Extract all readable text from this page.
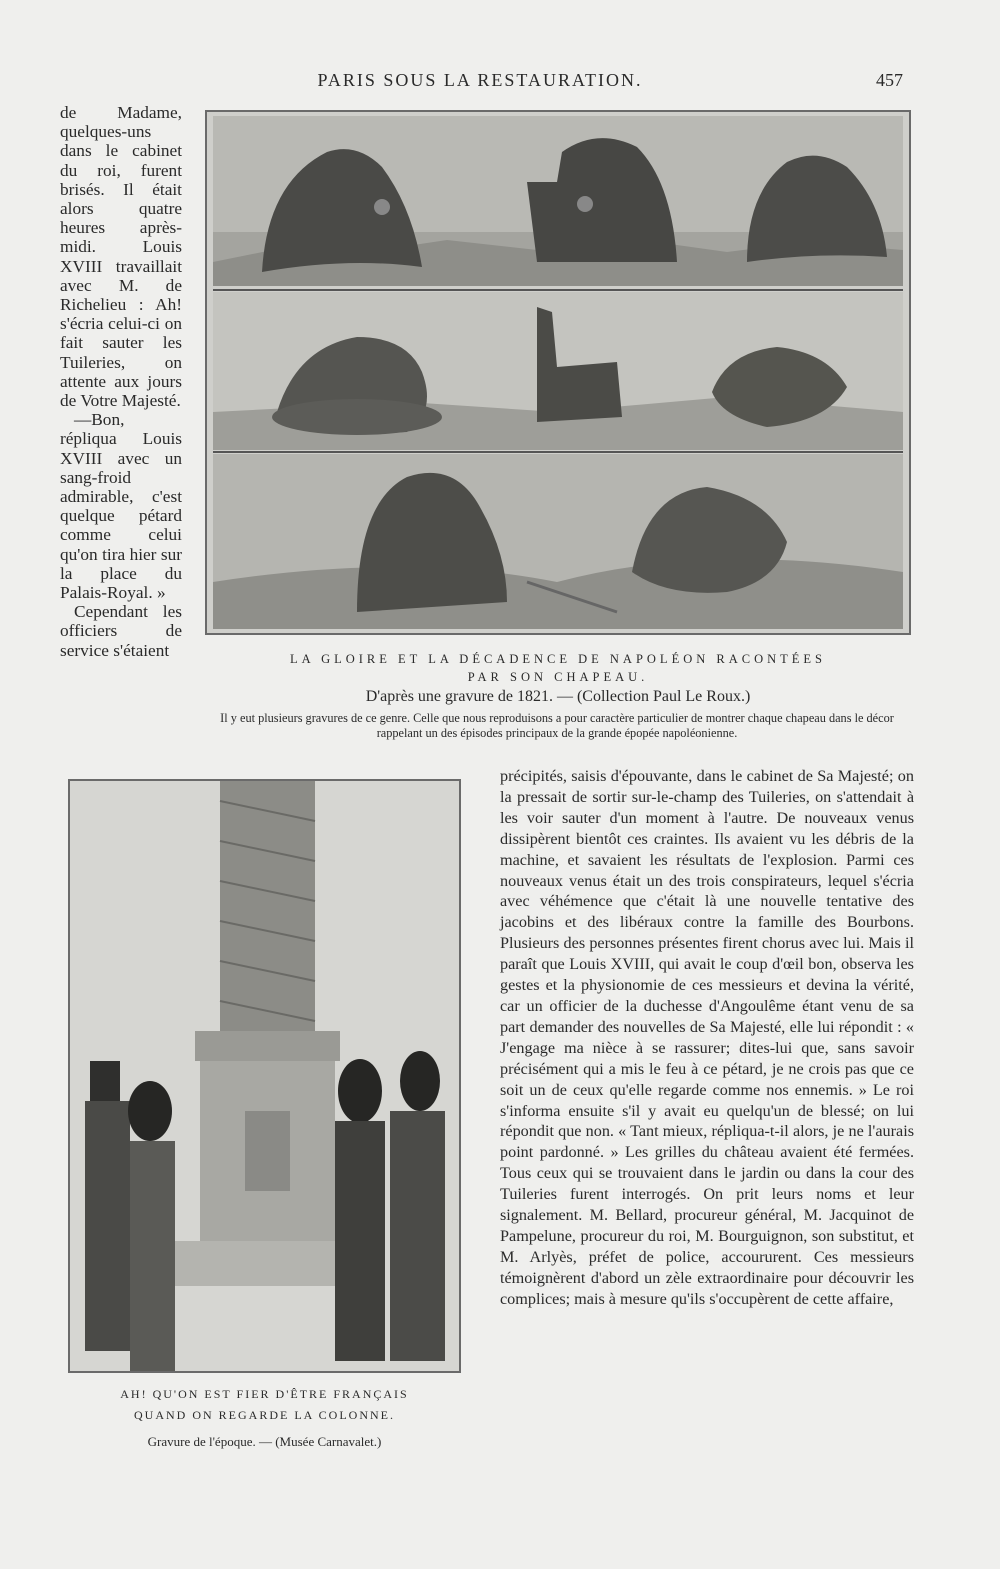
PARIS SOUS LA RESTAURATION.	457

de Madame, quelques-uns dans le cabinet du roi, furent brisés. Il était alors quatre heures après-midi. Louis XVIII travaillait avec M. de Richelieu : Ah! s'écria celui-ci on fait sauter les Tuileries, on attente aux jours de Votre Majesté.

—Bon, répliqua Louis XVIII avec un sang-froid admirable, c'est quelque pétard comme celui qu'on tira hier sur la place du Palais-Royal. »

Cependant les officiers de service s'étaient	LA GLOIRE ET LA DÉCADENCE DE NAPOLÉON RACONTÉES
PAR SON CHAPEAU.
D'après une gravure de 1821. — (Collection Paul Le Roux.)
Il y eut plusieurs gravures de ce genre. Celle que nous reproduisons a pour caractère particulier de montrer chaque chapeau dans le décor rappelant un des épisodes principaux de la grande épopée napoléonienne.
AH! QU'ON EST FIER D'ÊTRE FRANÇAIS
QUAND ON REGARDE LA COLONNE.
Gravure de l'époque. — (Musée Carnavalet.)

précipités, saisis d'épouvante, dans le cabinet de Sa Majesté; on la pressait de sortir sur-le-champ des Tuileries, on s'attendait à les voir sauter d'un moment à l'autre. De nouveaux venus dissipèrent bientôt ces craintes. Ils avaient vu les débris de la machine, et savaient les résultats de l'explosion. Parmi ces nouveaux venus était un des trois conspirateurs, lequel s'écria avec véhémence que c'était là une nouvelle tentative des jacobins et des libéraux contre la famille des Bourbons. Plusieurs des personnes présentes firent chorus avec lui. Mais il paraît que Louis XVIII, qui avait le coup d'œil bon, observa les gestes et la physionomie de ces messieurs et devina la vérité, car un officier de la duchesse d'Angoulême étant venu de sa part demander des nouvelles de Sa Majesté, elle lui répondit : « J'engage ma nièce à se rassurer; dites-lui que, sans savoir précisément qui a mis le feu à ce pétard, je ne crois pas que ce soit un de ceux qu'elle regarde comme nos ennemis. » Le roi s'informa ensuite s'il y avait eu quelqu'un de blessé; on lui répondit que non. « Tant mieux, répliqua-t-il alors, je ne l'aurais point pardonné. » Les grilles du château avaient été fermées. Tous ceux qui se trouvaient dans le jardin ou dans la cour des Tuileries furent interrogés. On prit leurs noms et leur signalement. M. Bellard, procureur général, M. Jacquinot de Pampelune, procureur du roi, M. Bourguignon, son substitut, et M. Arlyès, préfet de police, accoururent. Ces messieurs témoignèrent d'abord un zèle extraordinaire pour découvrir les complices; mais à mesure qu'ils s'occupèrent de cette affaire,
